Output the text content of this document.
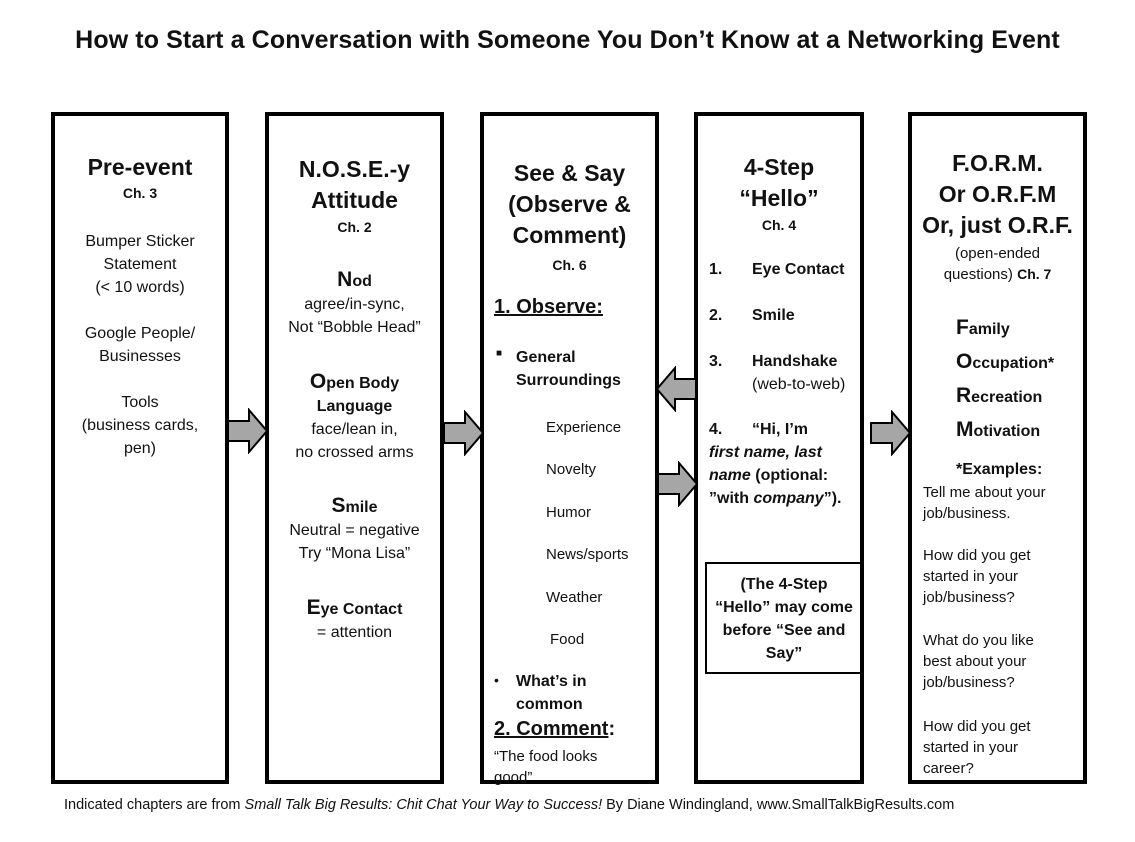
How to Start a Conversation with Someone You Don’t Know at a Networking Event
Pre-event
Ch. 3
Bumper Sticker
Statement
(< 10 words)
Google People/
Businesses
Tools
(business cards,
pen)
N.O.S.E.-y
Attitude
Ch. 2
Nod
agree/in-sync,
Not “Bobble Head”
Open Body
Language
face/lean in,
no crossed arms
Smile
Neutral = negative
Try “Mona Lisa”
Eye Contact
= attention
See & Say
(Observe &
Comment)
Ch. 6
1. Observe:
■ General
Surroundings
Experience
Novelty
Humor
News/sports
Weather
Food
• What’s in
common
2. Comment:
“The food looks
good”
4-Step
“Hello”
Ch. 4
1. Eye Contact
2. Smile
3. Handshake
(web-to-web)
4. “Hi, I’m
first name, last
name (optional:
”with company”).
(The 4-Step
“Hello” may come
before “See and
Say”
F.O.R.M.
Or O.R.F.M
Or, just O.R.F.
(open-ended
questions) Ch. 7
Family
Occupation*
Recreation
Motivation
*Examples:
Tell me about your
job/business.
How did you get
started in your
job/business?
What do you like
best about your
job/business?
How did you get
started in your
career?
Indicated chapters are from Small Talk Big Results: Chit Chat Your Way to Success! By Diane Windingland, www.SmallTalkBigResults.com
